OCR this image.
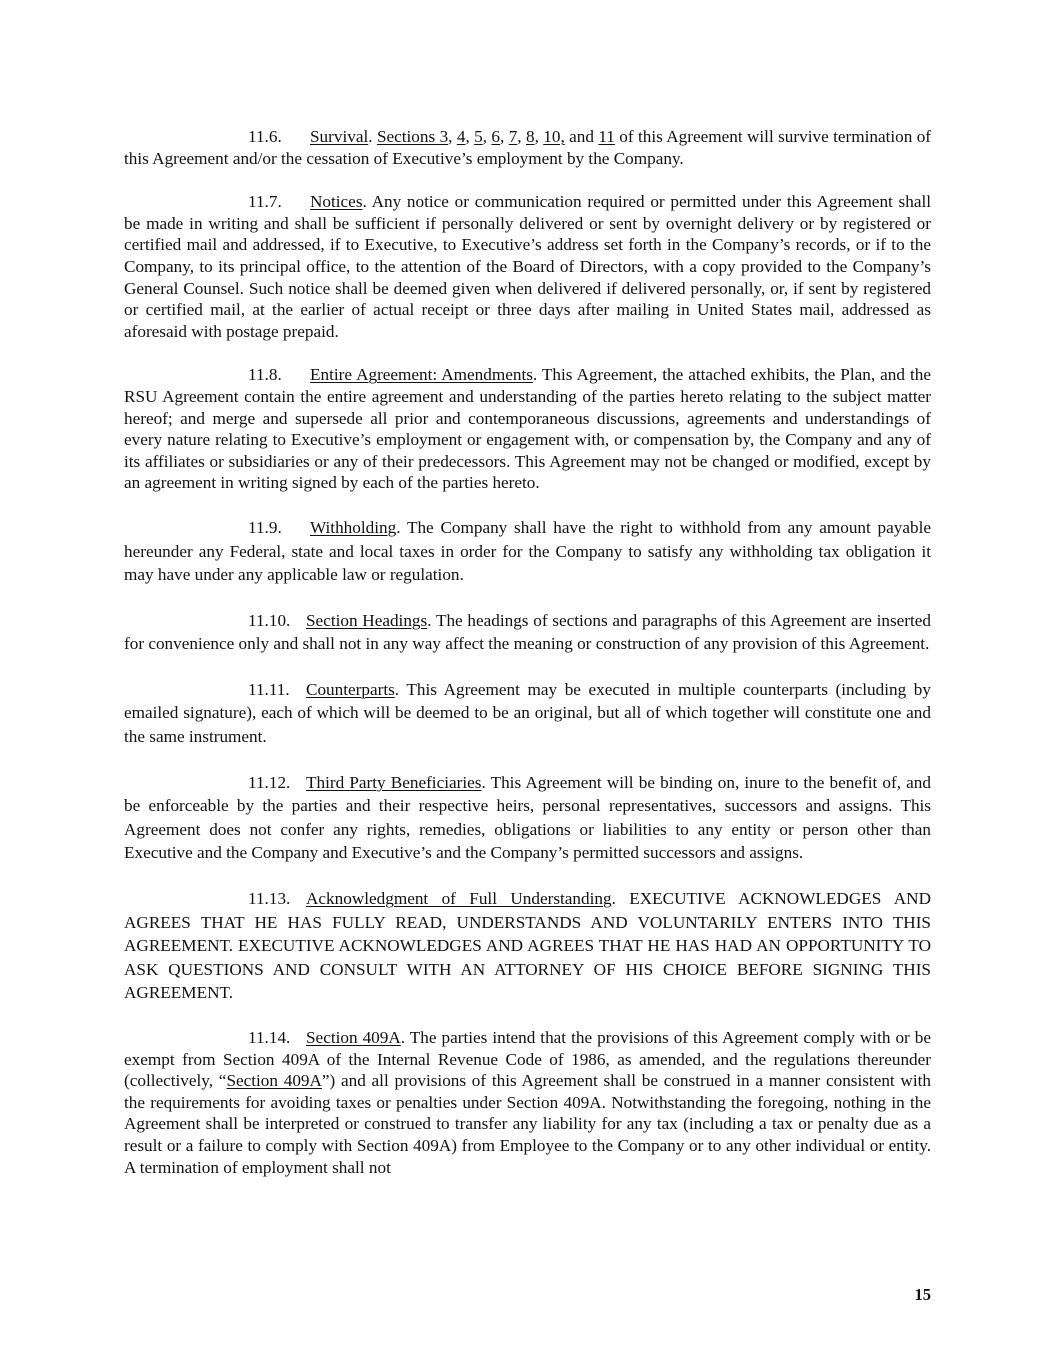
11.6. Survival. Sections 3, 4, 5, 6, 7, 8, 10, and 11 of this Agreement will survive termination of this Agreement and/or the cessation of Executive’s employment by the Company.

11.7. Notices. Any notice or communication required or permitted under this Agreement shall be made in writing and shall be sufficient if personally delivered or sent by overnight delivery or by registered or certified mail and addressed, if to Executive, to Executive’s address set forth in the Company’s records, or if to the Company, to its principal office, to the attention of the Board of Directors, with a copy provided to the Company’s General Counsel. Such notice shall be deemed given when delivered if delivered personally, or, if sent by registered or certified mail, at the earlier of actual receipt or three days after mailing in United States mail, addressed as aforesaid with postage prepaid.

11.8. Entire Agreement: Amendments. This Agreement, the attached exhibits, the Plan, and the RSU Agreement contain the entire agreement and understanding of the parties hereto relating to the subject matter hereof; and merge and supersede all prior and contemporaneous discussions, agreements and understandings of every nature relating to Executive’s employment or engagement with, or compensation by, the Company and any of its affiliates or subsidiaries or any of their predecessors. This Agreement may not be changed or modified, except by an agreement in writing signed by each of the parties hereto.

11.9. Withholding. The Company shall have the right to withhold from any amount payable hereunder any Federal, state and local taxes in order for the Company to satisfy any withholding tax obligation it may have under any applicable law or regulation.

11.10. Section Headings. The headings of sections and paragraphs of this Agreement are inserted for convenience only and shall not in any way affect the meaning or construction of any provision of this Agreement.

11.11. Counterparts. This Agreement may be executed in multiple counterparts (including by emailed signature), each of which will be deemed to be an original, but all of which together will constitute one and the same instrument.

11.12. Third Party Beneficiaries. This Agreement will be binding on, inure to the benefit of, and be enforceable by the parties and their respective heirs, personal representatives, successors and assigns. This Agreement does not confer any rights, remedies, obligations or liabilities to any entity or person other than Executive and the Company and Executive’s and the Company’s permitted successors and assigns.

11.13. Acknowledgment of Full Understanding. EXECUTIVE ACKNOWLEDGES AND AGREES THAT HE HAS FULLY READ, UNDERSTANDS AND VOLUNTARILY ENTERS INTO THIS AGREEMENT. EXECUTIVE ACKNOWLEDGES AND AGREES THAT HE HAS HAD AN OPPORTUNITY TO ASK QUESTIONS AND CONSULT WITH AN ATTORNEY OF HIS CHOICE BEFORE SIGNING THIS AGREEMENT.

11.14. Section 409A. The parties intend that the provisions of this Agreement comply with or be exempt from Section 409A of the Internal Revenue Code of 1986, as amended, and the regulations thereunder (collectively, “Section 409A”) and all provisions of this Agreement shall be construed in a manner consistent with the requirements for avoiding taxes or penalties under Section 409A. Notwithstanding the foregoing, nothing in the Agreement shall be interpreted or construed to transfer any liability for any tax (including a tax or penalty due as a result or a failure to comply with Section 409A) from Employee to the Company or to any other individual or entity. A termination of employment shall not

15
